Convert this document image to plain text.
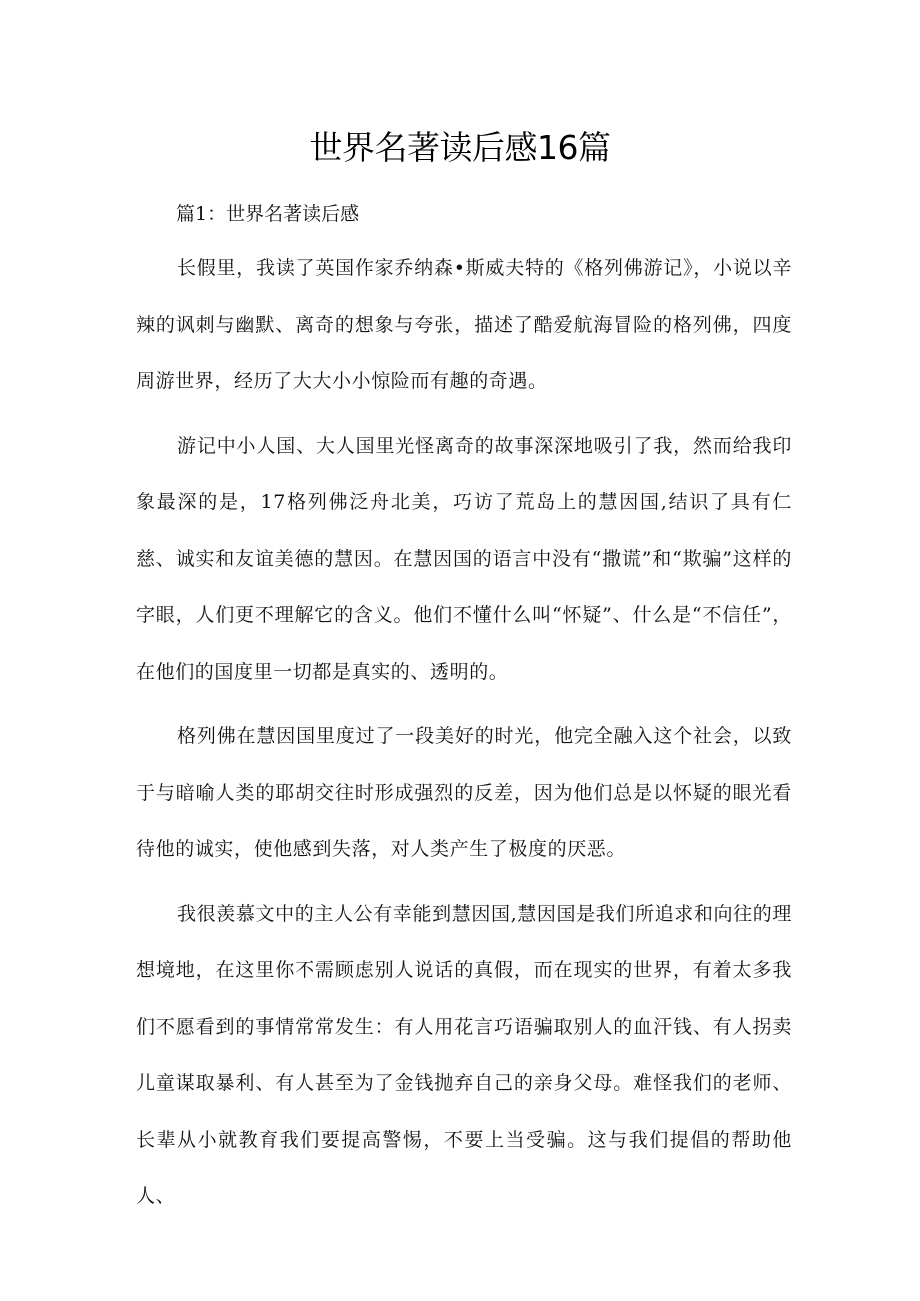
世界名著读后感16篇

篇1：世界名著读后感

长假里，我读了英国作家乔纳森•斯威夫特的《格列佛游记》，小说以辛辣的讽刺与幽默、离奇的想象与夸张，描述了酷爱航海冒险的格列佛，四度周游世界，经历了大大小小惊险而有趣的奇遇。

游记中小人国、大人国里光怪离奇的故事深深地吸引了我，然而给我印象最深的是，17格列佛泛舟北美，巧访了荒岛上的慧因国,结识了具有仁慈、诚实和友谊美德的慧因。在慧因国的语言中没有“撒谎”和“欺骗”这样的字眼，人们更不理解它的含义。他们不懂什么叫“怀疑”、什么是“不信任”，在他们的国度里一切都是真实的、透明的。

格列佛在慧因国里度过了一段美好的时光，他完全融入这个社会，以致于与暗喻人类的耶胡交往时形成强烈的反差，因为他们总是以怀疑的眼光看待他的诚实，使他感到失落，对人类产生了极度的厌恶。

我很羡慕文中的主人公有幸能到慧因国,慧因国是我们所追求和向往的理想境地，在这里你不需顾虑别人说话的真假，而在现实的世界，有着太多我们不愿看到的事情常常发生：有人用花言巧语骗取别人的血汗钱、有人拐卖儿童谋取暴利、有人甚至为了金钱抛弃自己的亲身父母。难怪我们的老师、长辈从小就教育我们要提高警惕，不要上当受骗。这与我们提倡的帮助他人、
